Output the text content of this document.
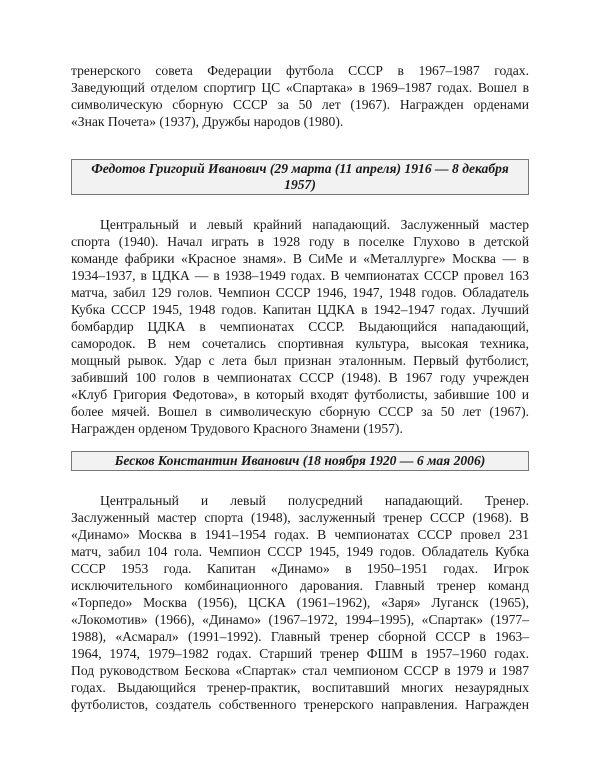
тренерского совета Федерации футбола СССР в 1967–1987 годах.
Заведующий отделом спортигр ЦС «Спартака» в 1969–1987 годах. Вошел в
символическую сборную СССР за 50 лет (1967). Награжден орденами
«Знак Почета» (1937), Дружбы народов (1980).
Федотов Григорий Иванович (29 марта (11 апреля) 1916 — 8 декабря
1957)
Центральный и левый крайний нападающий. Заслуженный мастер
спорта (1940). Начал играть в 1928 году в поселке Глухово в детской
команде фабрики «Красное знамя». В СиМе и «Металлурге» Москва — в
1934–1937, в ЦДКА — в 1938–1949 годах. В чемпионатах СССР провел 163
матча, забил 129 голов. Чемпион СССР 1946, 1947, 1948 годов. Обладатель
Кубка СССР 1945, 1948 годов. Капитан ЦДКА в 1942–1947 годах. Лучший
бомбардир ЦДКА в чемпионатах СССР. Выдающийся нападающий,
самородок. В нем сочетались спортивная культура, высокая техника,
мощный рывок. Удар с лета был признан эталонным. Первый футболист,
забивший 100 голов в чемпионатах СССР (1948). В 1967 году учрежден
«Клуб Григория Федотова», в который входят футболисты, забившие 100 и
более мячей. Вошел в символическую сборную СССР за 50 лет (1967).
Награжден орденом Трудового Красного Знамени (1957).
Бесков Константин Иванович (18 ноября 1920 — 6 мая 2006)
Центральный и левый полусредний нападающий. Тренер.
Заслуженный мастер спорта (1948), заслуженный тренер СССР (1968). В
«Динамо» Москва в 1941–1954 годах. В чемпионатах СССР провел 231
матч, забил 104 гола. Чемпион СССР 1945, 1949 годов. Обладатель Кубка
СССР 1953 года. Капитан «Динамо» в 1950–1951 годах. Игрок
исключительного комбинационного дарования. Главный тренер команд
«Торпедо» Москва (1956), ЦСКА (1961–1962), «Заря» Луганск (1965),
«Локомотив» (1966), «Динамо» (1967–1972, 1994–1995), «Спартак» (1977–
1988), «Асмарал» (1991–1992). Главный тренер сборной СССР в 1963–
1964, 1974, 1979–1982 годах. Старший тренер ФШМ в 1957–1960 годах.
Под руководством Бескова «Спартак» стал чемпионом СССР в 1979 и 1987
годах. Выдающийся тренер-практик, воспитавший многих незаурядных
футболистов, создатель собственного тренерского направления. Награжден
